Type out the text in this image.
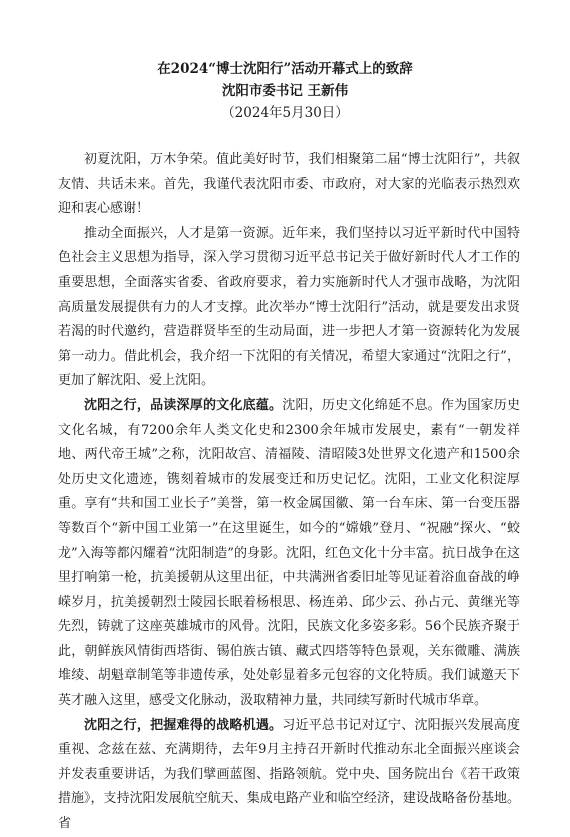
在2024“博士沈阳行”活动开幕式上的致辞
沈阳市委书记 王新伟
（2024年5月30日）

初夏沈阳，万木争荣。值此美好时节，我们相聚第二届“博士沈阳行”，共叙友情、共话未来。首先，我谨代表沈阳市委、市政府，对大家的光临表示热烈欢迎和衷心感谢！

推动全面振兴，人才是第一资源。近年来，我们坚持以习近平新时代中国特色社会主义思想为指导，深入学习贯彻习近平总书记关于做好新时代人才工作的重要思想，全面落实省委、省政府要求，着力实施新时代人才强市战略，为沈阳高质量发展提供有力的人才支撑。此次举办“博士沈阳行”活动，就是要发出求贤若渴的时代邀约，营造群贤毕至的生动局面，进一步把人才第一资源转化为发展第一动力。借此机会，我介绍一下沈阳的有关情况，希望大家通过“沈阳之行”，更加了解沈阳、爱上沈阳。

沈阳之行，品读深厚的文化底蕴。沈阳，历史文化绵延不息。作为国家历史文化名城，有7200余年人类文化史和2300余年城市发展史，素有“一朝发祥地、两代帝王城”之称，沈阳故宫、清福陵、清昭陵3处世界文化遗产和1500余处历史文化遗迹，镌刻着城市的发展变迁和历史记忆。沈阳，工业文化积淀厚重。享有“共和国工业长子”美誉，第一枚金属国徽、第一台车床、第一台变压器等数百个“新中国工业第一”在这里诞生，如今的“嫦娥”登月、“祝融”探火、“蛟龙”入海等都闪耀着“沈阳制造”的身影。沈阳，红色文化十分丰富。抗日战争在这里打响第一枪，抗美援朝从这里出征，中共满洲省委旧址等见证着浴血奋战的峥嵘岁月，抗美援朝烈士陵园长眠着杨根思、杨连弟、邱少云、孙占元、黄继光等先烈，铸就了这座英雄城市的风骨。沈阳，民族文化多姿多彩。56个民族齐聚于此，朝鲜族风情街西塔街、锡伯族古镇、藏式四塔等特色景观，关东微雕、满族堆绫、胡魁章制笔等非遗传承，处处彰显着多元包容的文化特质。我们诚邀天下英才融入这里，感受文化脉动，汲取精神力量，共同续写新时代城市华章。

沈阳之行，把握难得的战略机遇。习近平总书记对辽宁、沈阳振兴发展高度重视、念兹在兹、充满期待，去年9月主持召开新时代推动东北全面振兴座谈会并发表重要讲话，为我们擘画蓝图、指路领航。党中央、国务院出台《若干政策措施》，支持沈阳发展航空航天、集成电路产业和临空经济，建设战略备份基地。省
